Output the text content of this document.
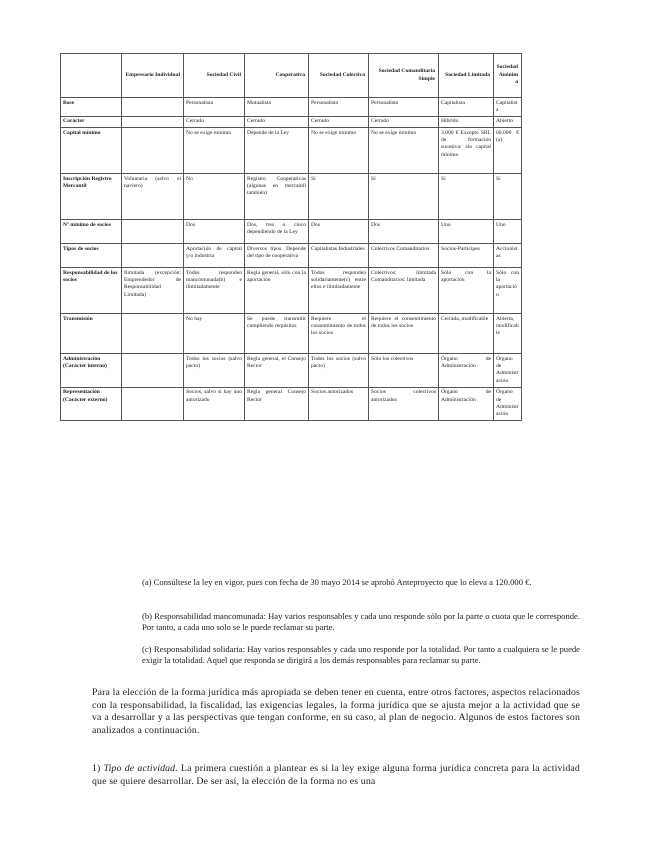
	Empresario Individual	Sociedad Civil	Cooperativa	Sociedad Colectiva	Sociedad Comanditaria Simple	Sociedad Limitada	Sociedad Anónima
Base		Personalista	Mutualista	Personalista	Personalista	Capitalista	Capitalista
Carácter		Cerrado	Cerrado	Cerrado	Cerrado	Híbrido	Abierto
Capital mínimo		No se exige mínimo	Depende de la Ley	No se exige mínimo	No se exige mínimo	3.000 € Excepto SRL de formación sucesiva: sin capital mínimo	60.000 €(a)
Inscripción Registro Mercantil	Voluntaria (salvo el naviero)	No	Registro Cooperativas (algunas en mercantil también)	Sí	Sí	Sí	Sí
Nº mínimo de socios		Dos	Dos, tres o cinco dependiendo de la Ley	Dos	Dos	Uno	Uno
Tipos de socios		Aportación de capital y/o industria	Diversos tipos. Depende del tipo de cooperativa	Capitalistas Industriales	Colectivos Comanditarios	Socios-Partícipes	Accionistas
Responsabilidad de los socios	Ilimitada (excepción: Emprendedor de Responsabilidad Limitada)	Todos responden mancomunada(b) e ilimitadamente	Regla general, sólo con la aportación	Todos responden solidariamente(c) entre ellos e ilimitadamente	Colectivos: ilimitada Comanditarios: limitada	Sólo con la aportación	Sólo con la aportación
Transmisión		No hay	Se puede transmitir cumpliendo requisitos	Requiere el consentimiento de todos los socios	Requiere el consentimiento de todos los socios	Cerrada, modificable	Abierta, modificable
Administración (Carácter interno)		Todos los socios (salvo pacto)	Regla general, el Consejo Rector	Todos los socios (salvo pacto)	Sólo los colectivos	Órgano de Administración	Órgano de Administración
Representación (Carácter externo)		Socios, salvo si hay uno autorizado	Regla general Consejo Rector	Socios autorizados	Socios colectivos autorizados	Órgano de Administración	Órgano de Administración

(a) Consúltese la ley en vigor, pues con fecha de 30 mayo 2014 se aprobó Anteproyecto que lo eleva a 120.000 €.

(b) Responsabilidad mancomunada: Hay varios responsables y cada uno responde sólo por la parte o cuota que le corresponde. Por tanto, a cada uno solo se le puede reclamar su parte.

(c) Responsabilidad solidaria: Hay varios responsables y cada uno responde por la totalidad. Por tanto a cualquiera se le puede exigir la totalidad. Aquel que responda se dirigirá a los demás responsables para reclamar su parte.

Para la elección de la forma jurídica más apropiada se deben tener en cuenta, entre otros factores, aspectos relacionados con la responsabilidad, la fiscalidad, las exigencias legales, la forma jurídica que se ajusta mejor a la actividad que se va a desarrollar y a las perspectivas que tengan conforme, en su caso, al plan de negocio. Algunos de estos factores son analizados a continuación.

1) Tipo de actividad. La primera cuestión a plantear es si la ley exige alguna forma jurídica concreta para la actividad que se quiere desarrollar. De ser así, la elección de la forma no es una
